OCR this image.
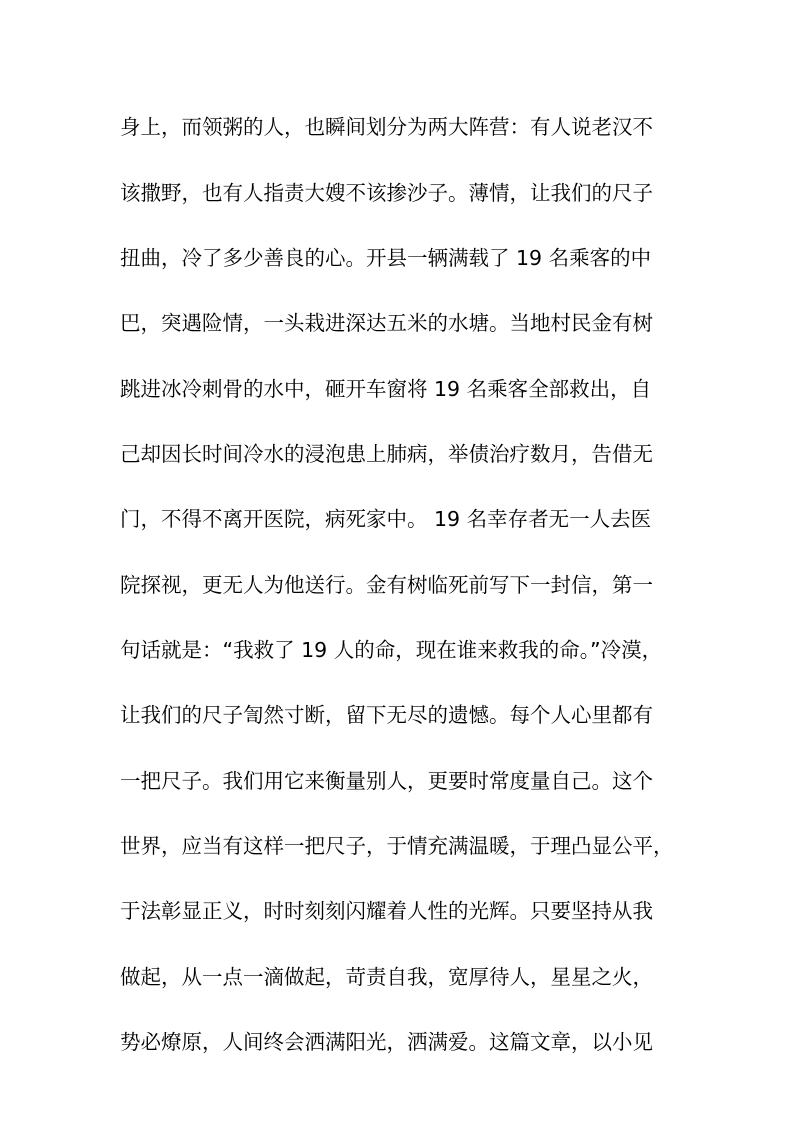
身上，而领粥的人，也瞬间划分为两大阵营：有人说老汉不
该撒野，也有人指责大嫂不该掺沙子。薄情，让我们的尺子
扭曲，冷了多少善良的心。开县一辆满载了 19 名乘客的中
巴，突遇险情，一头栽进深达五米的水塘。当地村民金有树
跳进冰冷刺骨的水中，砸开车窗将 19 名乘客全部救出，自
己却因长时间冷水的浸泡患上肺病，举债治疗数月，告借无
门，不得不离开医院，病死家中。 19 名幸存者无一人去医
院探视，更无人为他送行。金有树临死前写下一封信，第一
句话就是：“我救了 19 人的命，现在谁来救我的命。”冷漠，
让我们的尺子訇然寸断，留下无尽的遗憾。每个人心里都有
一把尺子。我们用它来衡量别人，更要时常度量自己。这个
世界，应当有这样一把尺子，于情充满温暖，于理凸显公平，
于法彰显正义，时时刻刻闪耀着人性的光辉。只要坚持从我
做起，从一点一滴做起，苛责自我，宽厚待人，星星之火，
势必燎原，人间终会洒满阳光，洒满爱。这篇文章，以小见
